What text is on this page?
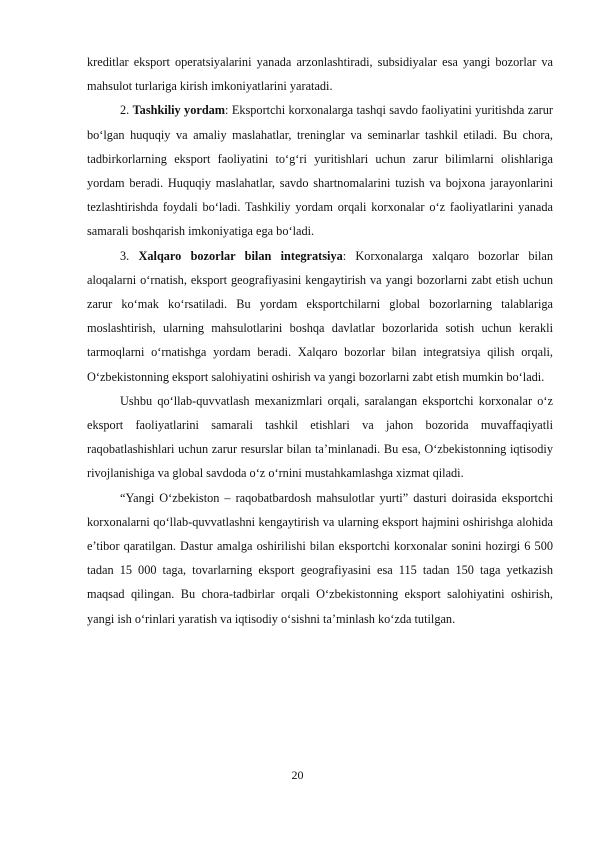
kreditlar eksport operatsiyalarini yanada arzonlashtiradi, subsidiyalar esa yangi bozorlar va mahsulot turlariga kirish imkoniyatlarini yaratadi.

2. Tashkiliy yordam: Eksportchi korxonalarga tashqi savdo faoliyatini yuritishda zarur bo‘lgan huquqiy va amaliy maslahatlar, treninglar va seminarlar tashkil etiladi. Bu chora, tadbirkorlarning eksport faoliyatini to‘g‘ri yuritishlari uchun zarur bilimlarni olishlariga yordam beradi. Huquqiy maslahatlar, savdo shartnomalarini tuzish va bojxona jarayonlarini tezlashtirishda foydali bo‘ladi. Tashkiliy yordam orqali korxonalar o‘z faoliyatlarini yanada samarali boshqarish imkoniyatiga ega bo‘ladi.

3. Xalqaro bozorlar bilan integratsiya: Korxonalarga xalqaro bozorlar bilan aloqalarni o‘rnatish, eksport geografiyasini kengaytirish va yangi bozorlarni zabt etish uchun zarur ko‘mak ko‘rsatiladi. Bu yordam eksportchilarni global bozorlarning talablariga moslashtirish, ularning mahsulotlarini boshqa davlatlar bozorlarida sotish uchun kerakli tarmoqlarni o‘rnatishga yordam beradi. Xalqaro bozorlar bilan integratsiya qilish orqali, O‘zbekistonning eksport salohiyatini oshirish va yangi bozorlarni zabt etish mumkin bo‘ladi.

Ushbu qo‘llab-quvvatlash mexanizmlari orqali, saralangan eksportchi korxonalar o‘z eksport faoliyatlarini samarali tashkil etishlari va jahon bozorida muvaffaqiyatli raqobatlashishlari uchun zarur resurslar bilan ta’minlanadi. Bu esa, O‘zbekistonning iqtisodiy rivojlanishiga va global savdoda o‘z o‘rnini mustahkamlashga xizmat qiladi.

“Yangi O‘zbekiston – raqobatbardosh mahsulotlar yurti” dasturi doirasida eksportchi korxonalarni qo‘llab-quvvatlashni kengaytirish va ularning eksport hajmini oshirishga alohida e’tibor qaratilgan. Dastur amalga oshirilishi bilan eksportchi korxonalar sonini hozirgi 6 500 tadan 15 000 taga, tovarlarning eksport geografiyasini esa 115 tadan 150 taga yetkazish maqsad qilingan. Bu chora-tadbirlar orqali O‘zbekistonning eksport salohiyatini oshirish, yangi ish o‘rinlari yaratish va iqtisodiy o‘sishni ta’minlash ko‘zda tutilgan.

20
